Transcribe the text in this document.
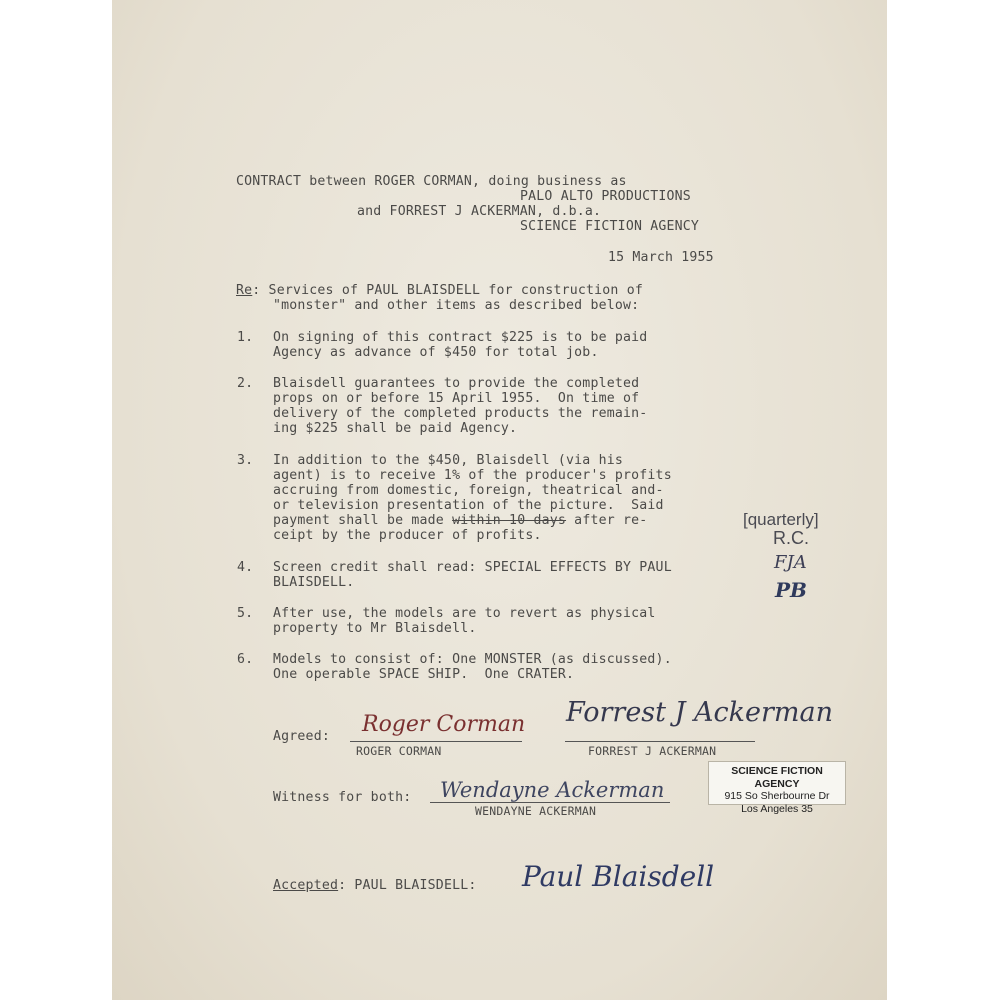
CONTRACT between ROGER CORMAN, doing business as
PALO ALTO PRODUCTIONS
and FORREST J ACKERMAN, d.b.a.
SCIENCE FICTION AGENCY
15 March 1955
Re: Services of PAUL BLAISDELL for construction of
"monster" and other items as described below:
1. On signing of this contract $225 is to be paid
Agency as advance of $450 for total job.
2. Blaisdell guarantees to provide the completed
props on or before 15 April 1955.  On time of
delivery of the completed products the remain-
ing $225 shall be paid Agency.
3. In addition to the $450, Blaisdell (via his
agent) is to receive 1% of the producer's profits
accruing from domestic, foreign, theatrical and-
or television presentation of the picture.  Said
payment shall be made within 10 days after re-
ceipt by the producer of profits.
4. Screen credit shall read: SPECIAL EFFECTS BY PAUL
BLAISDELL.
5. After use, the models are to revert as physical
property to Mr Blaisdell.
6. Models to consist of: One MONSTER (as discussed).
One operable SPACE SHIP.  One CRATER.
[quarterly]
R.C.
FJA
PB
Agreed: Roger Corman
ROGER CORMAN
Forrest J Ackerman
FORREST J ACKERMAN
SCIENCE FICTION AGENCY
915 So Sherbourne Dr
Los Angeles 35
Witness for both: Wendayne Ackerman
WENDAYNE ACKERMAN
Accepted: PAUL BLAISDELL: Paul Blaisdell
